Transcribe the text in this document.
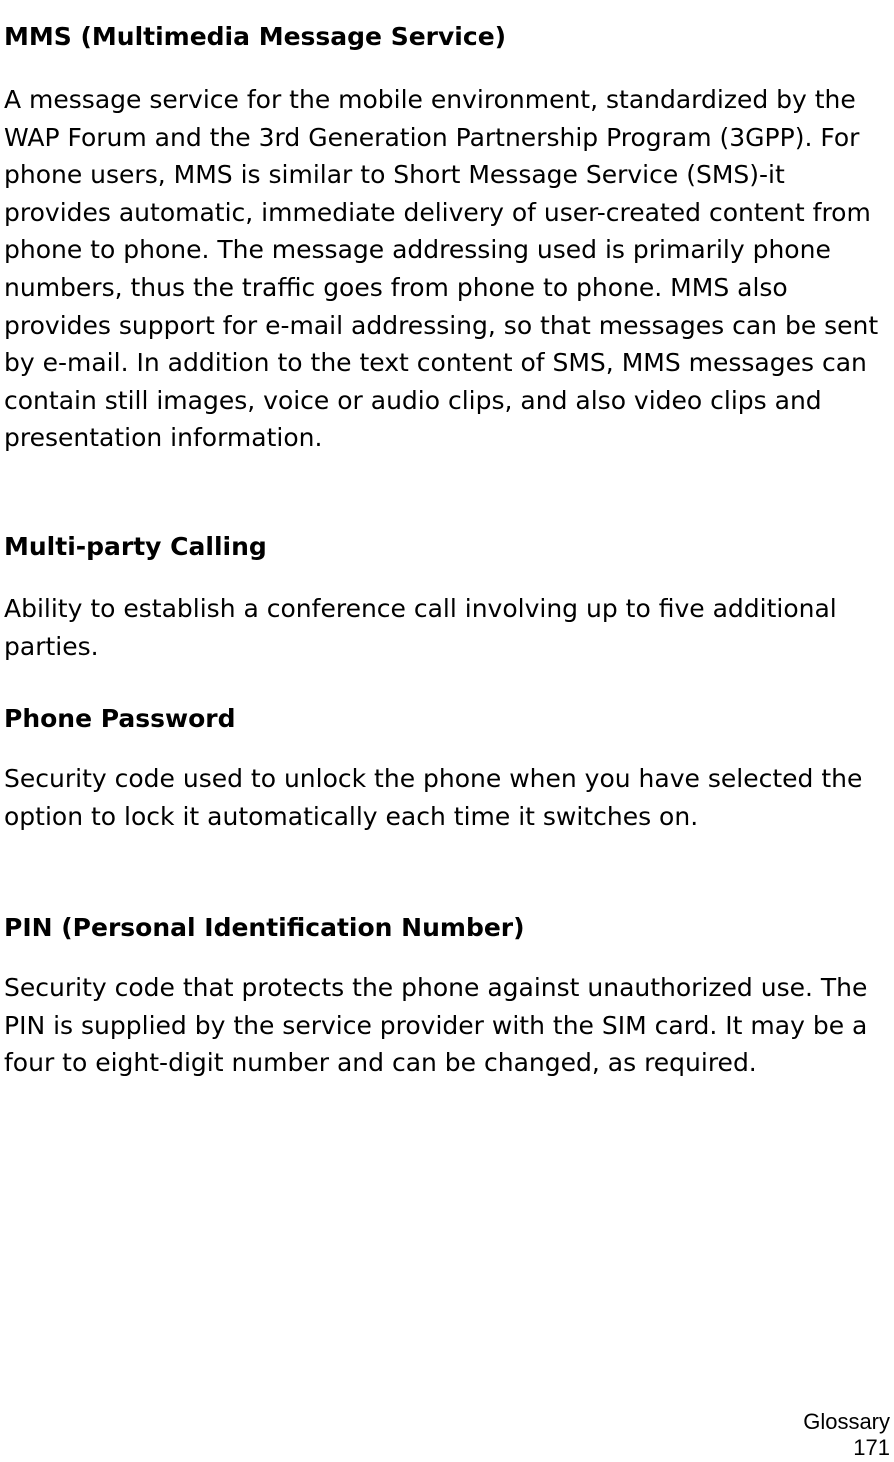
MMS (Multimedia Message Service)

A message service for the mobile environment, standardized by the WAP Forum and the 3rd Generation Partnership Program (3GPP). For phone users, MMS is similar to Short Message Service (SMS)-it provides automatic, immediate delivery of user-created content from phone to phone. The message addressing used is primarily phone numbers, thus the traffic goes from phone to phone. MMS also provides support for e-mail addressing, so that messages can be sent by e-mail. In addition to the text content of SMS, MMS messages can contain still images, voice or audio clips, and also video clips and presentation information.

Multi-party Calling

Ability to establish a conference call involving up to five additional parties.

Phone Password

Security code used to unlock the phone when you have selected the option to lock it automatically each time it switches on.

PIN (Personal Identification Number)

Security code that protects the phone against unauthorized use. The PIN is supplied by the service provider with the SIM card. It may be a four to eight-digit number and can be changed, as required.

Glossary
171
